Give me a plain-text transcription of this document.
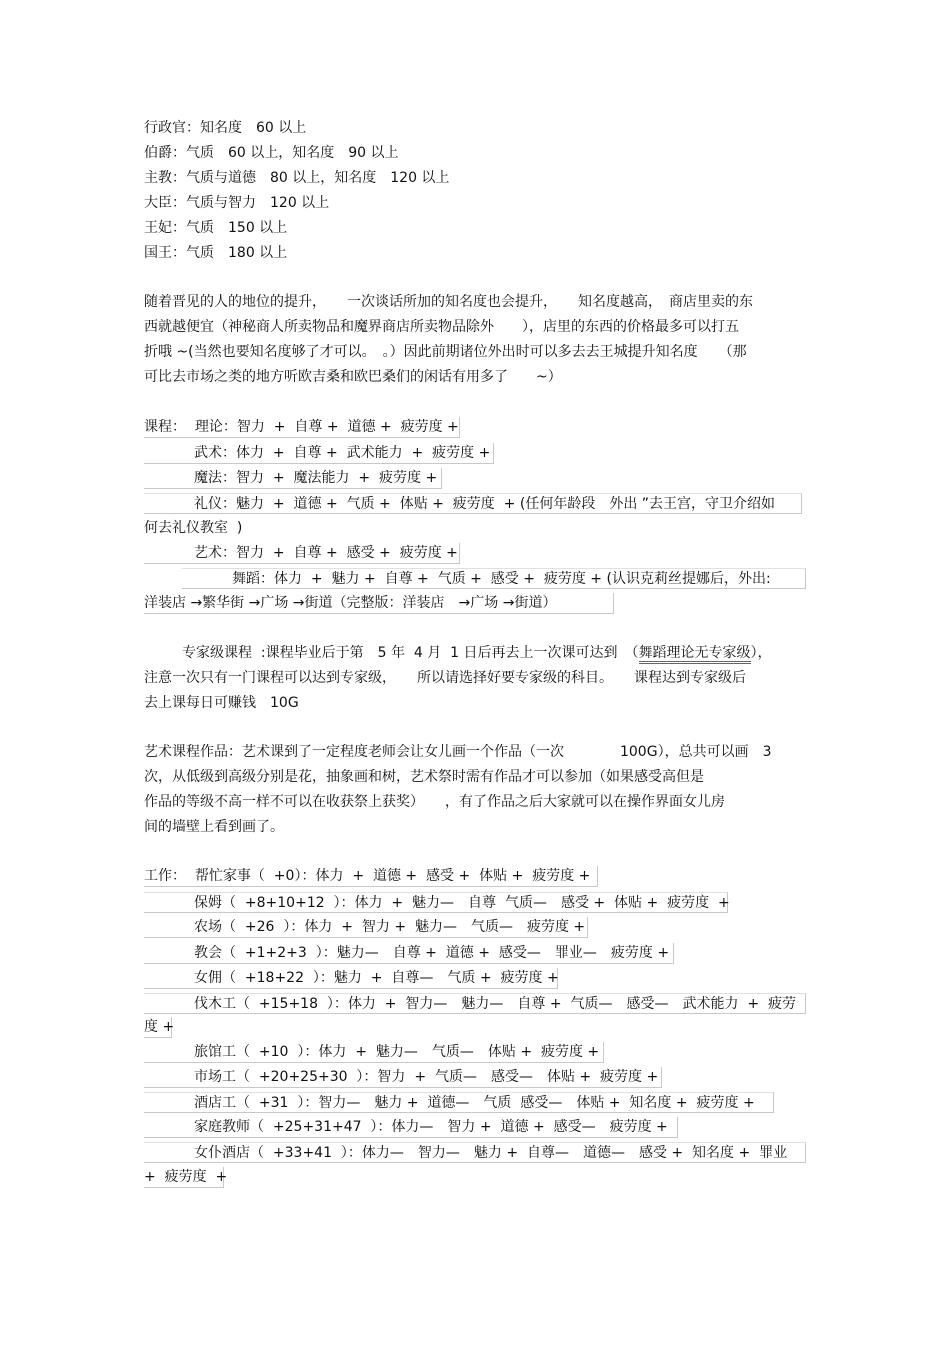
行政官：知名度　60 以上
伯爵：气质　60 以上，知名度　90 以上
主教：气质与道德　80 以上，知名度　120 以上
大臣：气质与智力　120 以上
王妃：气质　150 以上
国王：气质　180 以上
随着晋见的人的地位的提升，　　一次谈话所加的知名度也会提升，　　知名度越高，　商店里卖的东
西就越便宜（神秘商人所卖物品和魔界商店所卖物品除外　　），店里的东西的价格最多可以打五
折哦 ~(当然也要知名度够了才可以。　。）因此前期诸位外出时可以多去去王城提升知名度　　（那
可比去市场之类的地方听欧吉桑和欧巴桑们的闲话有用多了　　~）
课程：  理论：智力  +  自尊 +  道德 +  疲劳度 +
武术：体力  +  自尊 +  武术能力  +  疲劳度 +
魔法：智力  +  魔法能力  +  疲劳度 +
礼仪：魅力  +  道德 +  气质 +  体贴 +  疲劳度  + (任何年龄段　外出 ”去王宫，守卫介绍如
何去礼仪教室  )
艺术：智力  +  自尊 +  感受 +  疲劳度 +
舞蹈：体力  +  魅力 +  自尊 +  气质 +  感受 +  疲劳度 + (认识克莉丝提娜后，外出:
洋装店 →繁华街 →广场 →街道（完整版：洋装店　→广场 →街道）
专家级课程  :课程毕业后于第　5 年  4 月  1 日后再去上一次课可达到　（舞蹈理论无专家级），
注意一次只有一门课程可以达到专家级，　　所以请选择好要专家级的科目。　　课程达到专家级后
去上课每日可赚钱　10G
艺术课程作品：艺术课到了一定程度老师会让女儿画一个作品（一次　　　　100G），总共可以画　3
次，从低级到高级分别是花，抽象画和树，艺术祭时需有作品才可以参加（如果感受高但是
作品的等级不高一样不可以在收获祭上获奖）　　，有了作品之后大家就可以在操作界面女儿房
间的墙壁上看到画了。
工作：  帮忙家事（  +0）：体力  +  道德 +  感受 +  体贴 +  疲劳度 +
保姆（  +8+10+12  ）：体力  +  魅力—　自尊  气质—　感受 +  体贴 +  疲劳度  +
农场（  +26  ）：体力  +  智力 +  魅力—　气质—　疲劳度 +
教会（  +1+2+3  ）：魅力—　自尊 +  道德 +  感受—　罪业—　疲劳度 +
女佣（  +18+22  ）：魅力  +  自尊—　气质 +  疲劳度 +
伐木工（  +15+18  ）：体力  +  智力—　魅力—　自尊 +  气质—　感受—　武术能力  +  疲劳
度 +
旅馆工（  +10  ）：体力  +  魅力—　气质—　体贴 +  疲劳度 +
市场工（  +20+25+30  ）：智力  +  气质—　感受—　体贴 +  疲劳度 +
酒店工（  +31  ）：智力—　魅力 +  道德—　气质  感受—　体贴 +  知名度 +  疲劳度 +
家庭教师（  +25+31+47  ）：体力—　智力 +  道德 +  感受—　疲劳度 +
女仆酒店（  +33+41  ）：体力—　智力—　魅力 +  自尊—　道德—　感受 +  知名度 +  罪业
+  疲劳度  +
